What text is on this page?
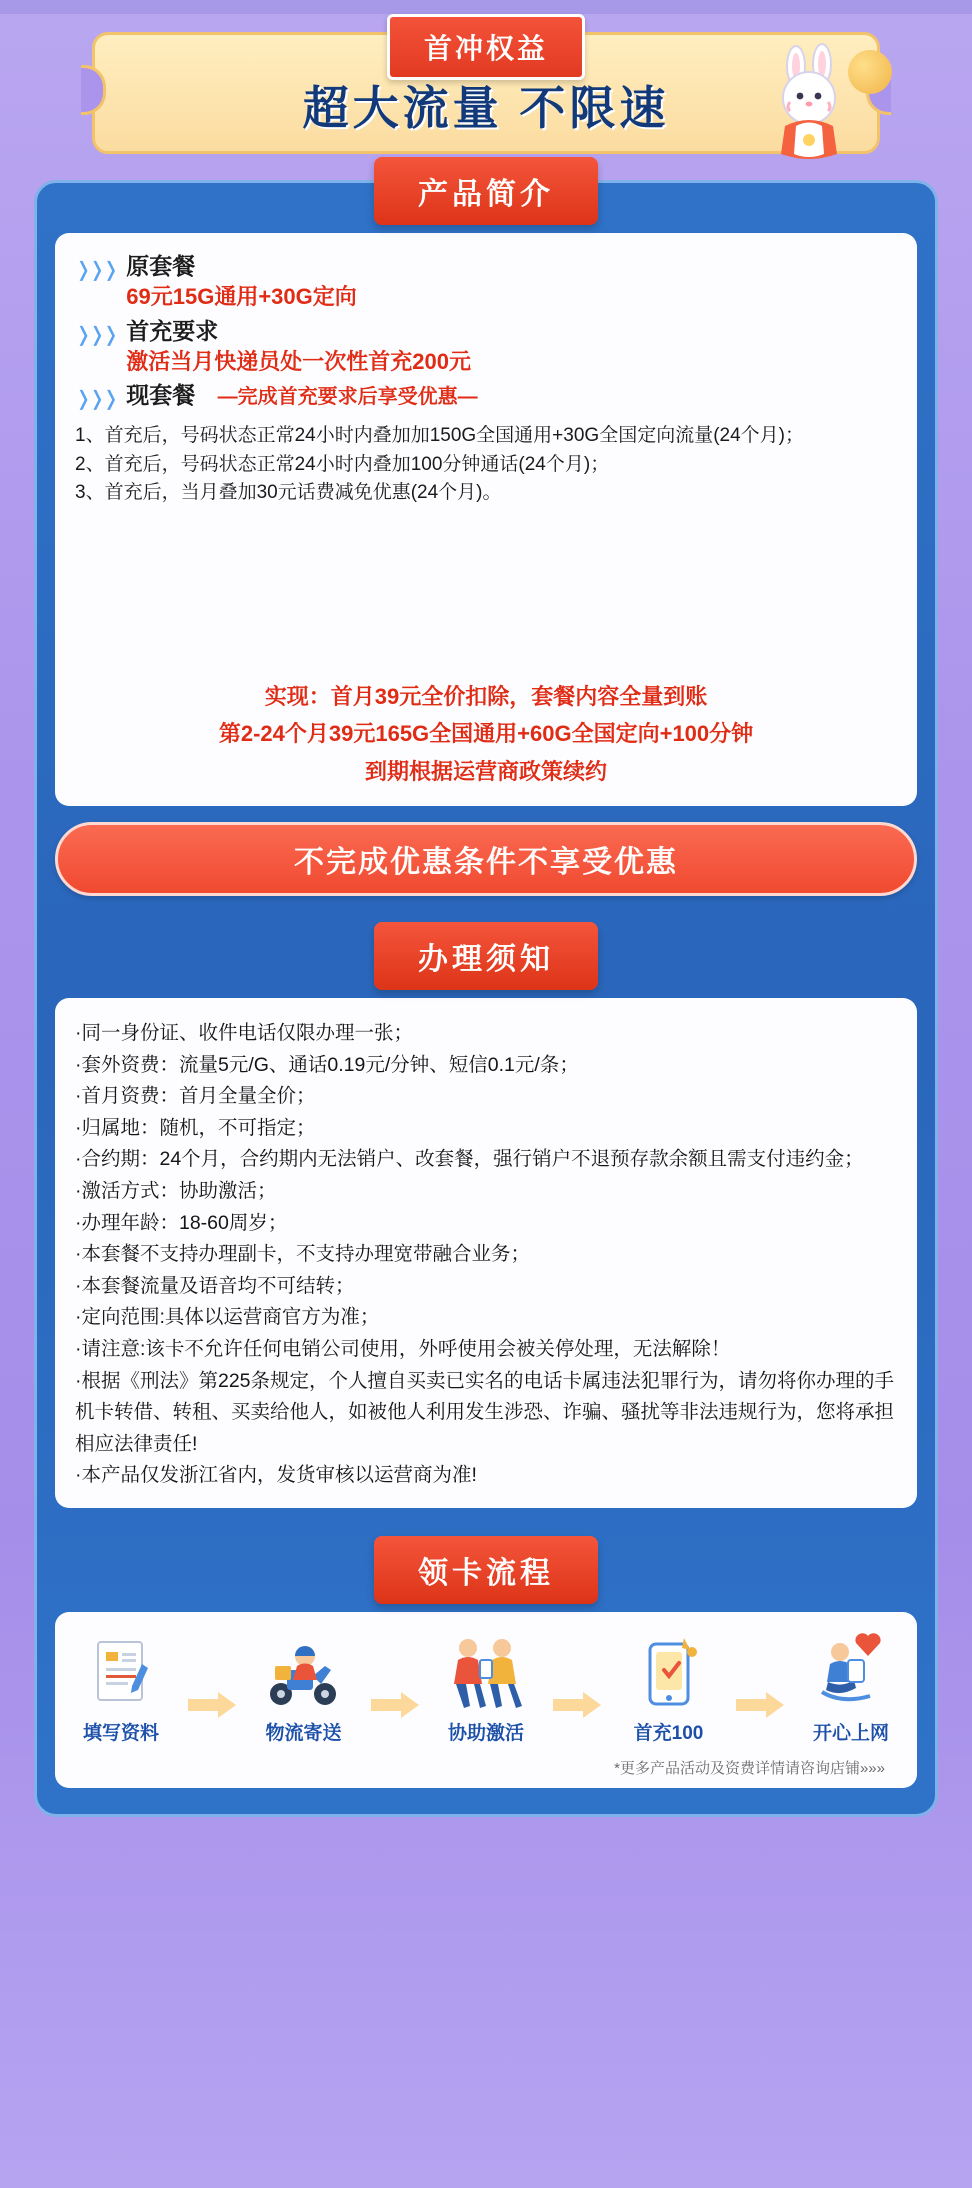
首冲权益
超大流量 不限速
产品简介
❭❭❭ 原套餐
69元15G通用+30G定向
❭❭❭ 首充要求
激活当月快递员处一次性首充200元
❭❭❭ 现套餐 —完成首充要求后享受优惠—

1、首充后，号码状态正常24小时内叠加加150G全国通用+30G全国定向流量(24个月)；

2、首充后，号码状态正常24小时内叠加100分钟通话(24个月)；

3、首充后，当月叠加30元话费减免优惠(24个月)。

实现：首月39元全价扣除，套餐内容全量到账

第2-24个月39元165G全国通用+60G全国定向+100分钟

到期根据运营商政策续约

不完成优惠条件不享受优惠
办理须知

·同一身份证、收件电话仅限办理一张；

·套外资费：流量5元/G、通话0.19元/分钟、短信0.1元/条；

·首月资费：首月全量全价；

·归属地：随机，不可指定；

·合约期：24个月，合约期内无法销户、改套餐，强行销户不退预存款余额且需支付违约金；

·激活方式：协助激活；

·办理年龄：18-60周岁；

·本套餐不支持办理副卡，不支持办理宽带融合业务；

·本套餐流量及语音均不可结转；

·定向范围:具体以运营商官方为准；

·请注意:该卡不允许任何电销公司使用，外呼使用会被关停处理，无法解除！

·根据《刑法》第225条规定，个人擅自买卖已实名的电话卡属违法犯罪行为，请勿将你办理的手机卡转借、转租、买卖给他人，如被他人利用发生涉恐、诈骗、骚扰等非法违规行为，您将承担相应法律责任!

·本产品仅发浙江省内，发货审核以运营商为准!

领卡流程
填写资料	物流寄送	协助激活	首充100	开心上网
*更多产品活动及资费详情请咨询店铺»»»
